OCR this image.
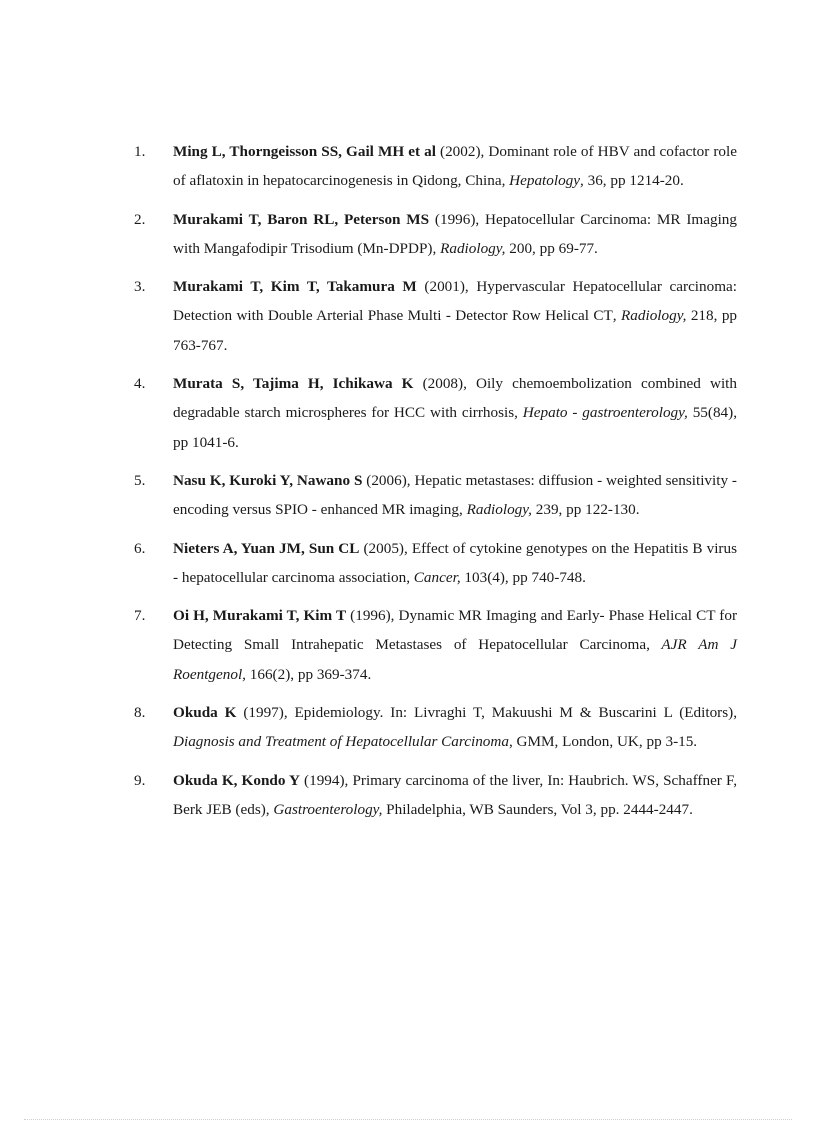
1.	Ming L, Thorngeisson SS, Gail MH et al (2002), Dominant role of HBV and cofactor role of aflatoxin in hepatocarcinogenesis in Qidong, China, Hepatology, 36, pp 1214-20.
2.	Murakami T, Baron RL, Peterson MS (1996), Hepatocellular Carcinoma: MR Imaging with Mangafodipir Trisodium (Mn-DPDP), Radiology, 200, pp 69-77.
3.	Murakami T, Kim T, Takamura M (2001), Hypervascular Hepatocellular carcinoma: Detection with Double Arterial Phase Multi - Detector Row Helical CT, Radiology, 218, pp 763-767.
4.	Murata S, Tajima H, Ichikawa K (2008), Oily chemoembolization combined with degradable starch microspheres for HCC with cirrhosis, Hepato - gastroenterology, 55(84), pp 1041-6.
5.	Nasu K, Kuroki Y, Nawano S (2006), Hepatic metastases: diffusion - weighted sensitivity - encoding versus SPIO - enhanced MR imaging, Radiology, 239, pp 122-130.
6.	Nieters A, Yuan JM, Sun CL (2005), Effect of cytokine genotypes on the Hepatitis B virus - hepatocellular carcinoma association, Cancer, 103(4), pp 740-748.
7.	Oi H, Murakami T, Kim T (1996), Dynamic MR Imaging and Early- Phase Helical CT for Detecting Small Intrahepatic Metastases of Hepatocellular Carcinoma, AJR Am J Roentgenol, 166(2), pp 369-374.
8.	Okuda K (1997), Epidemiology. In: Livraghi T, Makuushi M & Buscarini L (Editors), Diagnosis and Treatment of Hepatocellular Carcinoma, GMM, London, UK, pp 3-15.
9.	Okuda K, Kondo Y (1994), Primary carcinoma of the liver, In: Haubrich. WS, Schaffner F, Berk JEB (eds), Gastroenterology, Philadelphia, WB Saunders, Vol 3, pp. 2444-2447.
